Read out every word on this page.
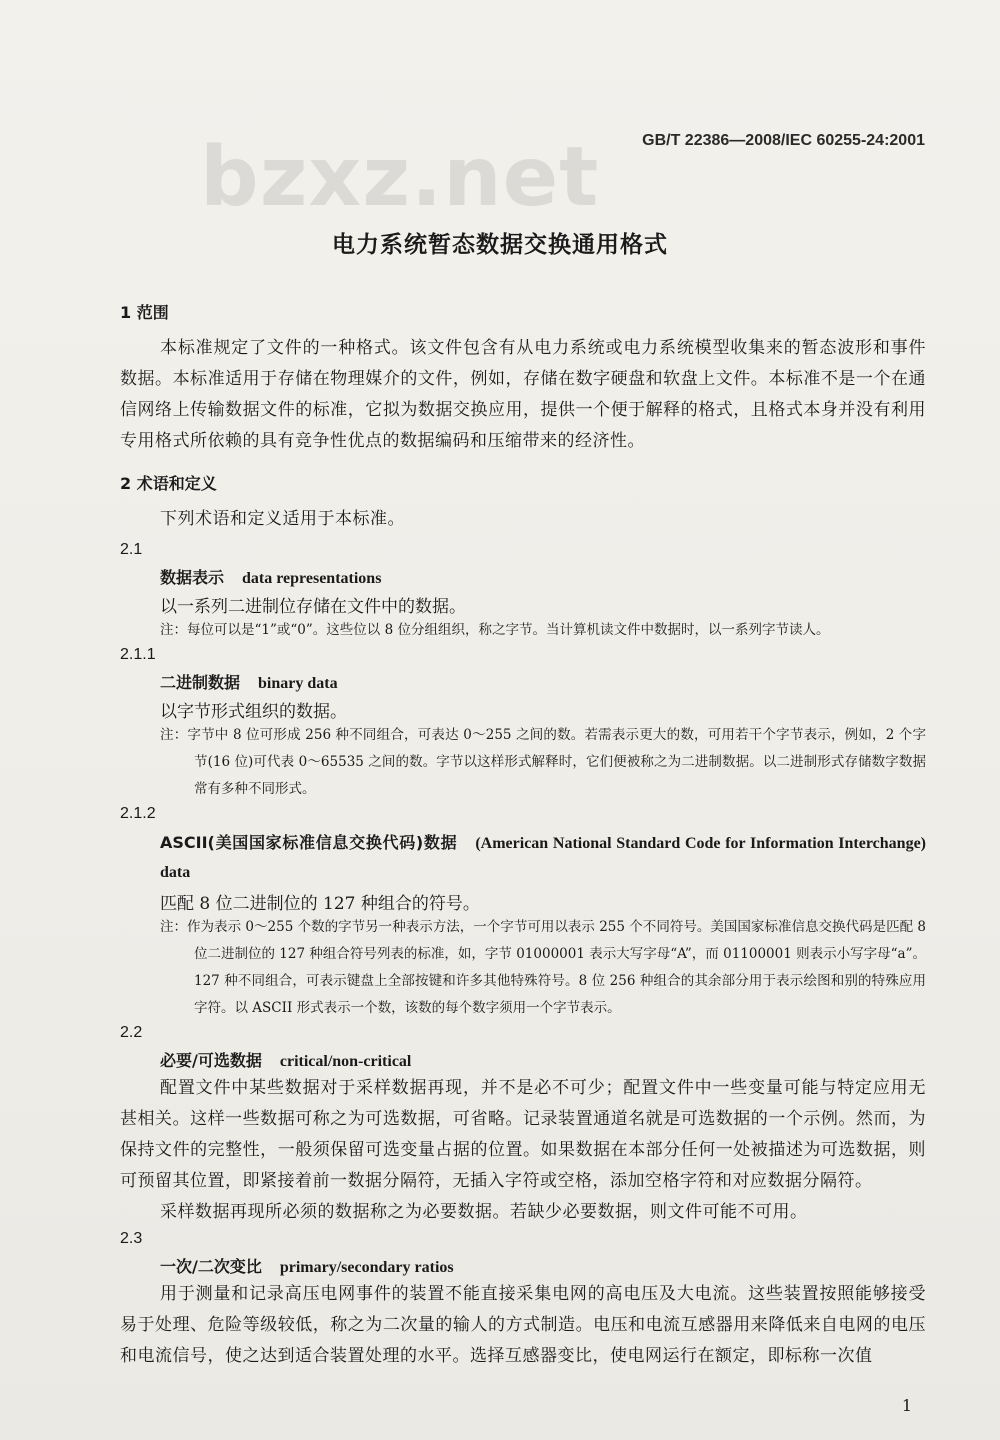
bzxz.net	GB/T 22386—2008/IEC 60255-24:2001
电力系统暂态数据交换通用格式
1 范围
本标准规定了文件的一种格式。该文件包含有从电力系统或电力系统模型收集来的暂态波形和事件数据。本标准适用于存储在物理媒介的文件，例如，存储在数字硬盘和软盘上文件。本标准不是一个在通信网络上传输数据文件的标准，它拟为数据交换应用，提供一个便于解释的格式，且格式本身并没有利用专用格式所依赖的具有竞争性优点的数据编码和压缩带来的经济性。
2 术语和定义
下列术语和定义适用于本标准。
2.1
数据表示 data representations
以一系列二进制位存储在文件中的数据。
注：每位可以是“1”或“0”。这些位以 8 位分组组织，称之字节。当计算机读文件中数据时，以一系列字节读人。
2.1.1
二进制数据 binary data
以字节形式组织的数据。
注：字节中 8 位可形成 256 种不同组合，可表达 0～255 之间的数。若需表示更大的数，可用若干个字节表示，例如，2 个字节(16 位)可代表 0～65535 之间的数。字节以这样形式解释时，它们便被称之为二进制数据。以二进制形式存储数字数据常有多种不同形式。
2.1.2
ASCII(美国国家标准信息交换代码)数据 (American National Standard Code for Information Interchange) data
匹配 8 位二进制位的 127 种组合的符号。
注：作为表示 0～255 个数的字节另一种表示方法，一个字节可用以表示 255 个不同符号。美国国家标准信息交换代码是匹配 8 位二进制位的 127 种组合符号列表的标准，如，字节 01000001 表示大写字母“A”，而 01100001 则表示小写字母“a”。127 种不同组合，可表示键盘上全部按键和许多其他特殊符号。8 位 256 种组合的其余部分用于表示绘图和别的特殊应用字符。以 ASCII 形式表示一个数，该数的每个数字须用一个字节表示。
2.2
必要/可选数据 critical/non-critical
配置文件中某些数据对于采样数据再现，并不是必不可少；配置文件中一些变量可能与特定应用无甚相关。这样一些数据可称之为可选数据，可省略。记录装置通道名就是可选数据的一个示例。然而，为保持文件的完整性，一般须保留可选变量占据的位置。如果数据在本部分任何一处被描述为可选数据，则可预留其位置，即紧接着前一数据分隔符，无插入字符或空格，添加空格字符和对应数据分隔符。
采样数据再现所必须的数据称之为必要数据。若缺少必要数据，则文件可能不可用。
2.3
一次/二次变比 primary/secondary ratios
用于测量和记录高压电网事件的装置不能直接采集电网的高电压及大电流。这些装置按照能够接受易于处理、危险等级较低，称之为二次量的输人的方式制造。电压和电流互感器用来降低来自电网的电压和电流信号，使之达到适合装置处理的水平。选择互感器变比，使电网运行在额定，即标称一次值
1
